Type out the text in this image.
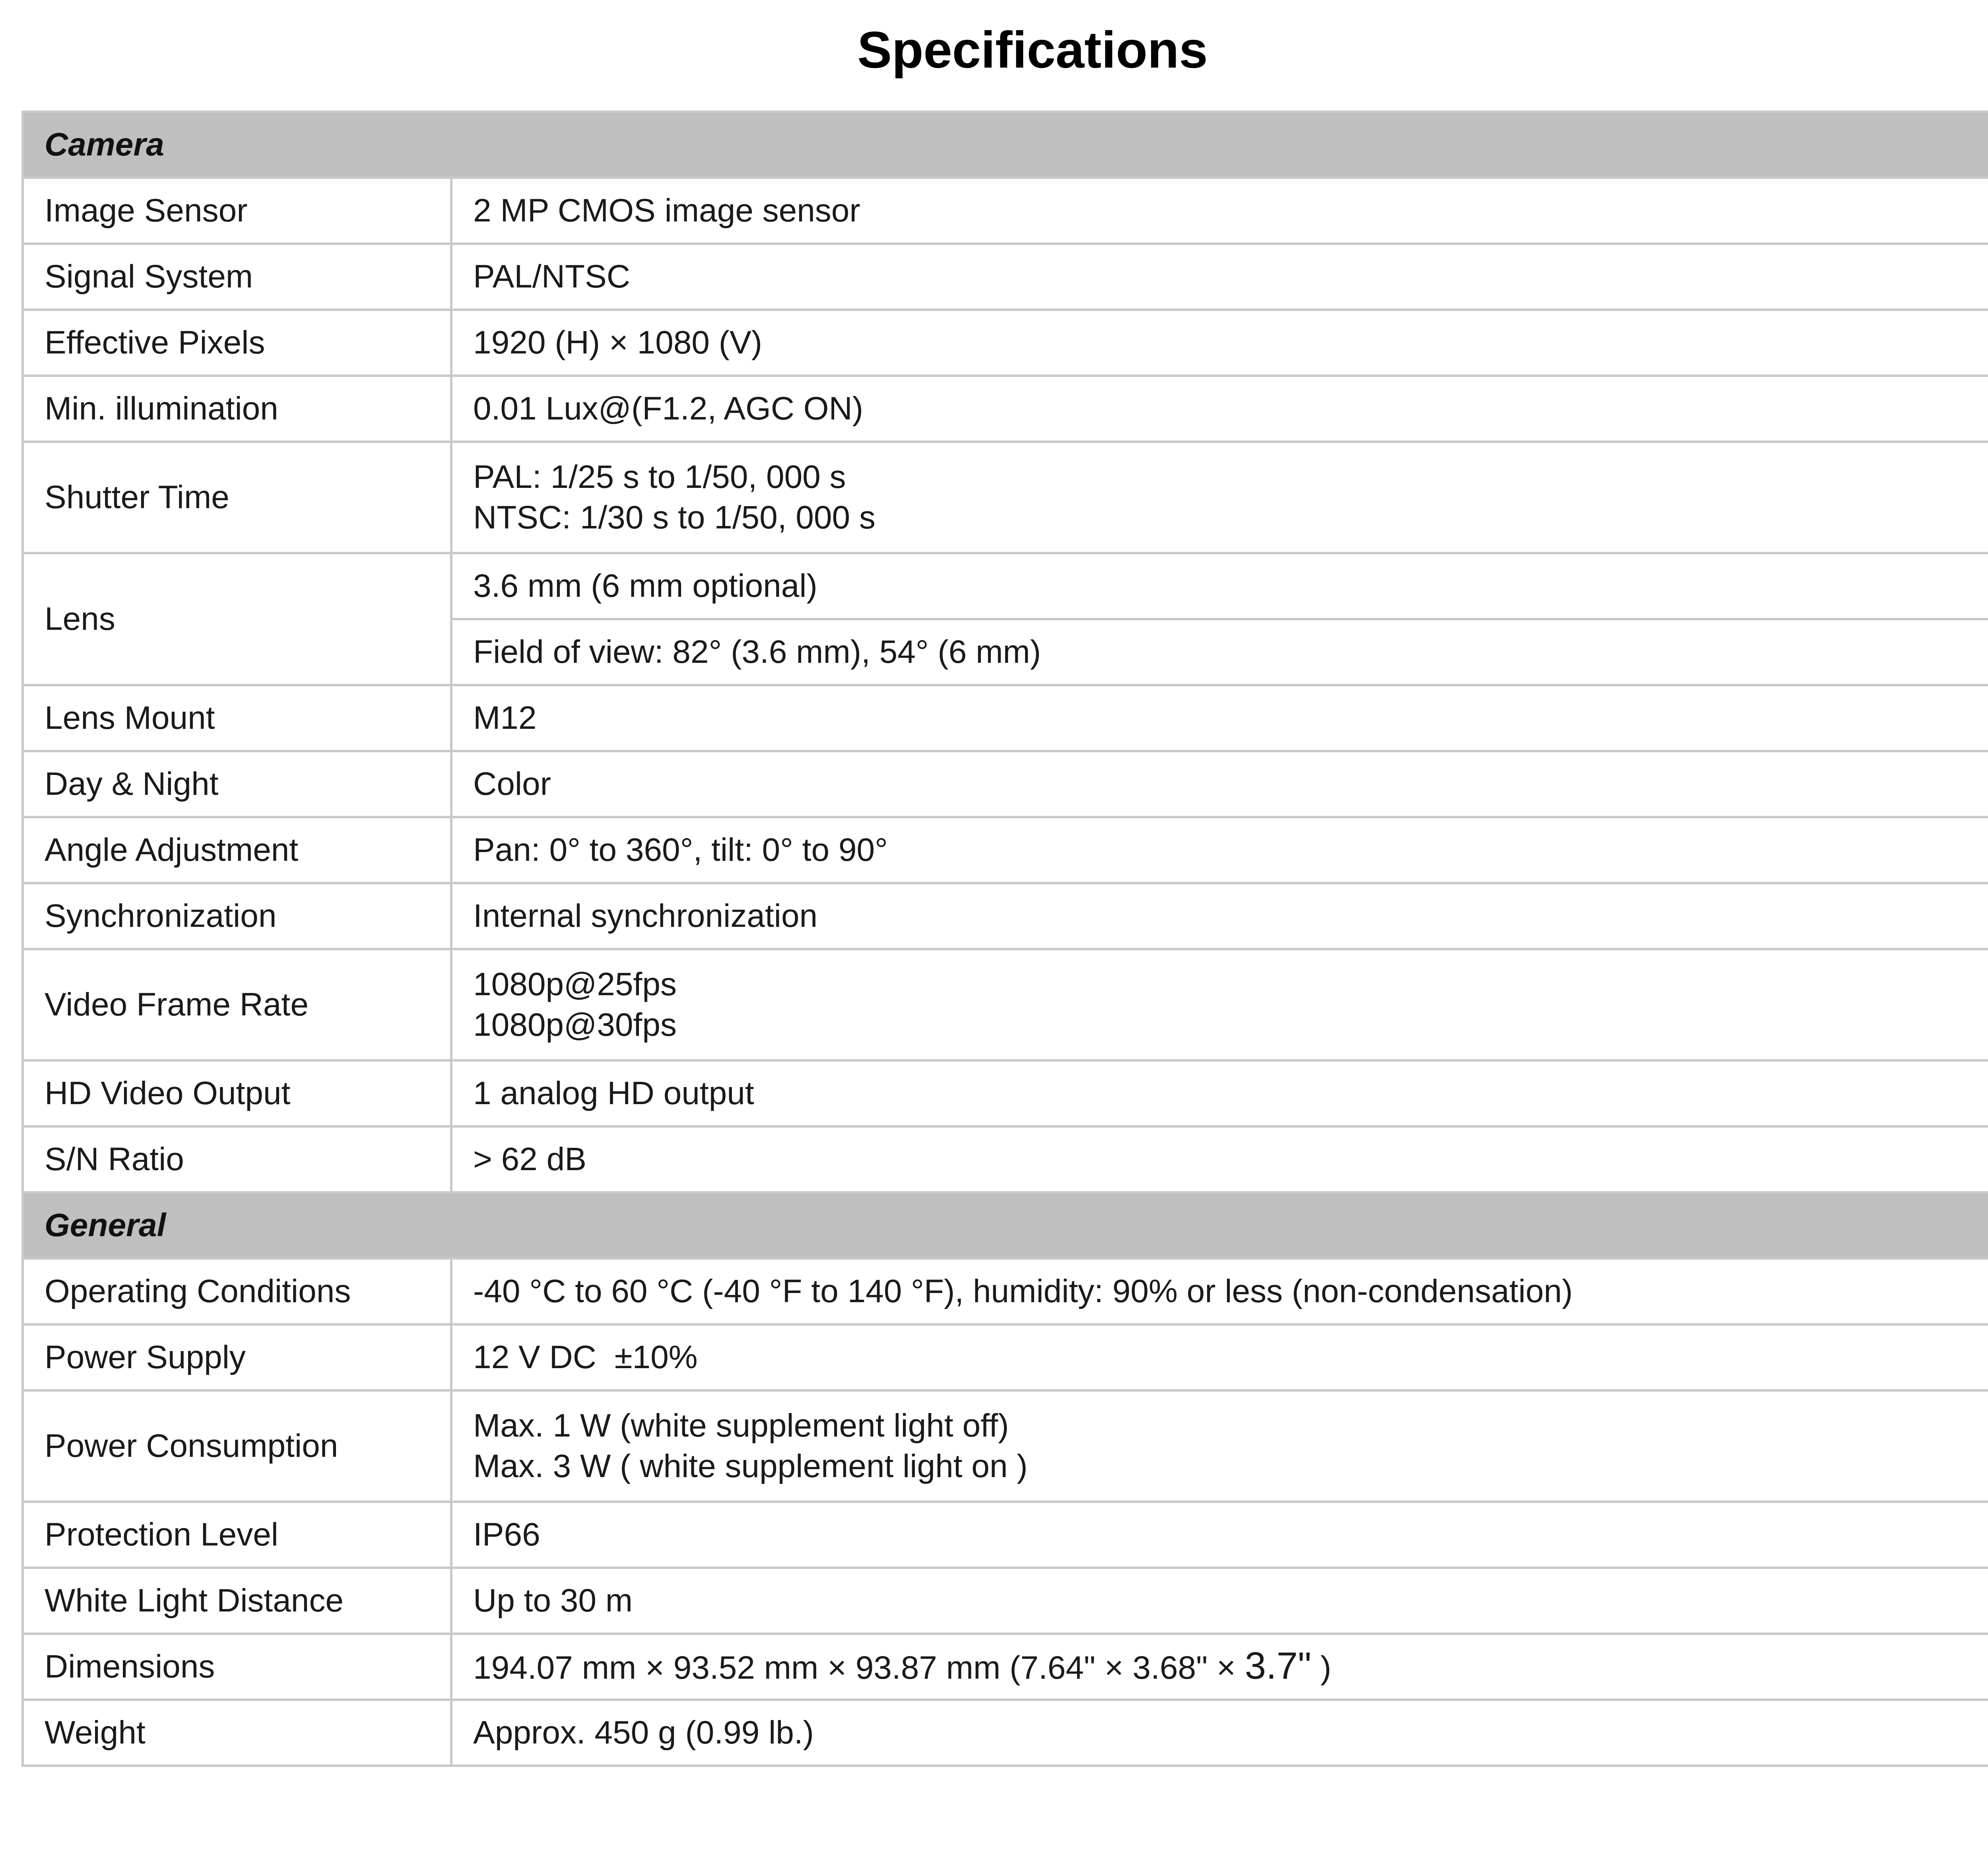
Specifications
Camera	
Image Sensor	2 MP CMOS image sensor
Signal System	PAL/NTSC
Effective Pixels	1920 (H) × 1080 (V)
Min. illumination	0.01 Lux@(F1.2, AGC ON)
Shutter Time	PAL: 1/25 s to 1/50, 000 s
NTSC: 1/30 s to 1/50, 000 s

Lens	3.6 mm (6 mm optional)
	Field of view: 82° (3.6 mm), 54° (6 mm)
Lens Mount	M12
Day & Night	Color
Angle Adjustment	Pan: 0° to 360°, tilt: 0° to 90°
Synchronization	Internal synchronization
Video Frame Rate	1080p@25fps
1080p@30fps

HD Video Output	1 analog HD output
S/N Ratio	> 62 dB
General	
Operating Conditions	-40 °C to 60 °C (-40 °F to 140 °F), humidity: 90% or less (non-condensation)
Power Supply	12 V DC  ±10%
Power Consumption	Max. 1 W (white supplement light off)
Max. 3 W ( white supplement light on )

Protection Level	IP66
White Light Distance	Up to 30 m
Dimensions	194.07 mm × 93.52 mm × 93.87 mm (7.64" × 3.68" × 3.7" )
Weight	Approx. 450 g (0.99 lb.)
